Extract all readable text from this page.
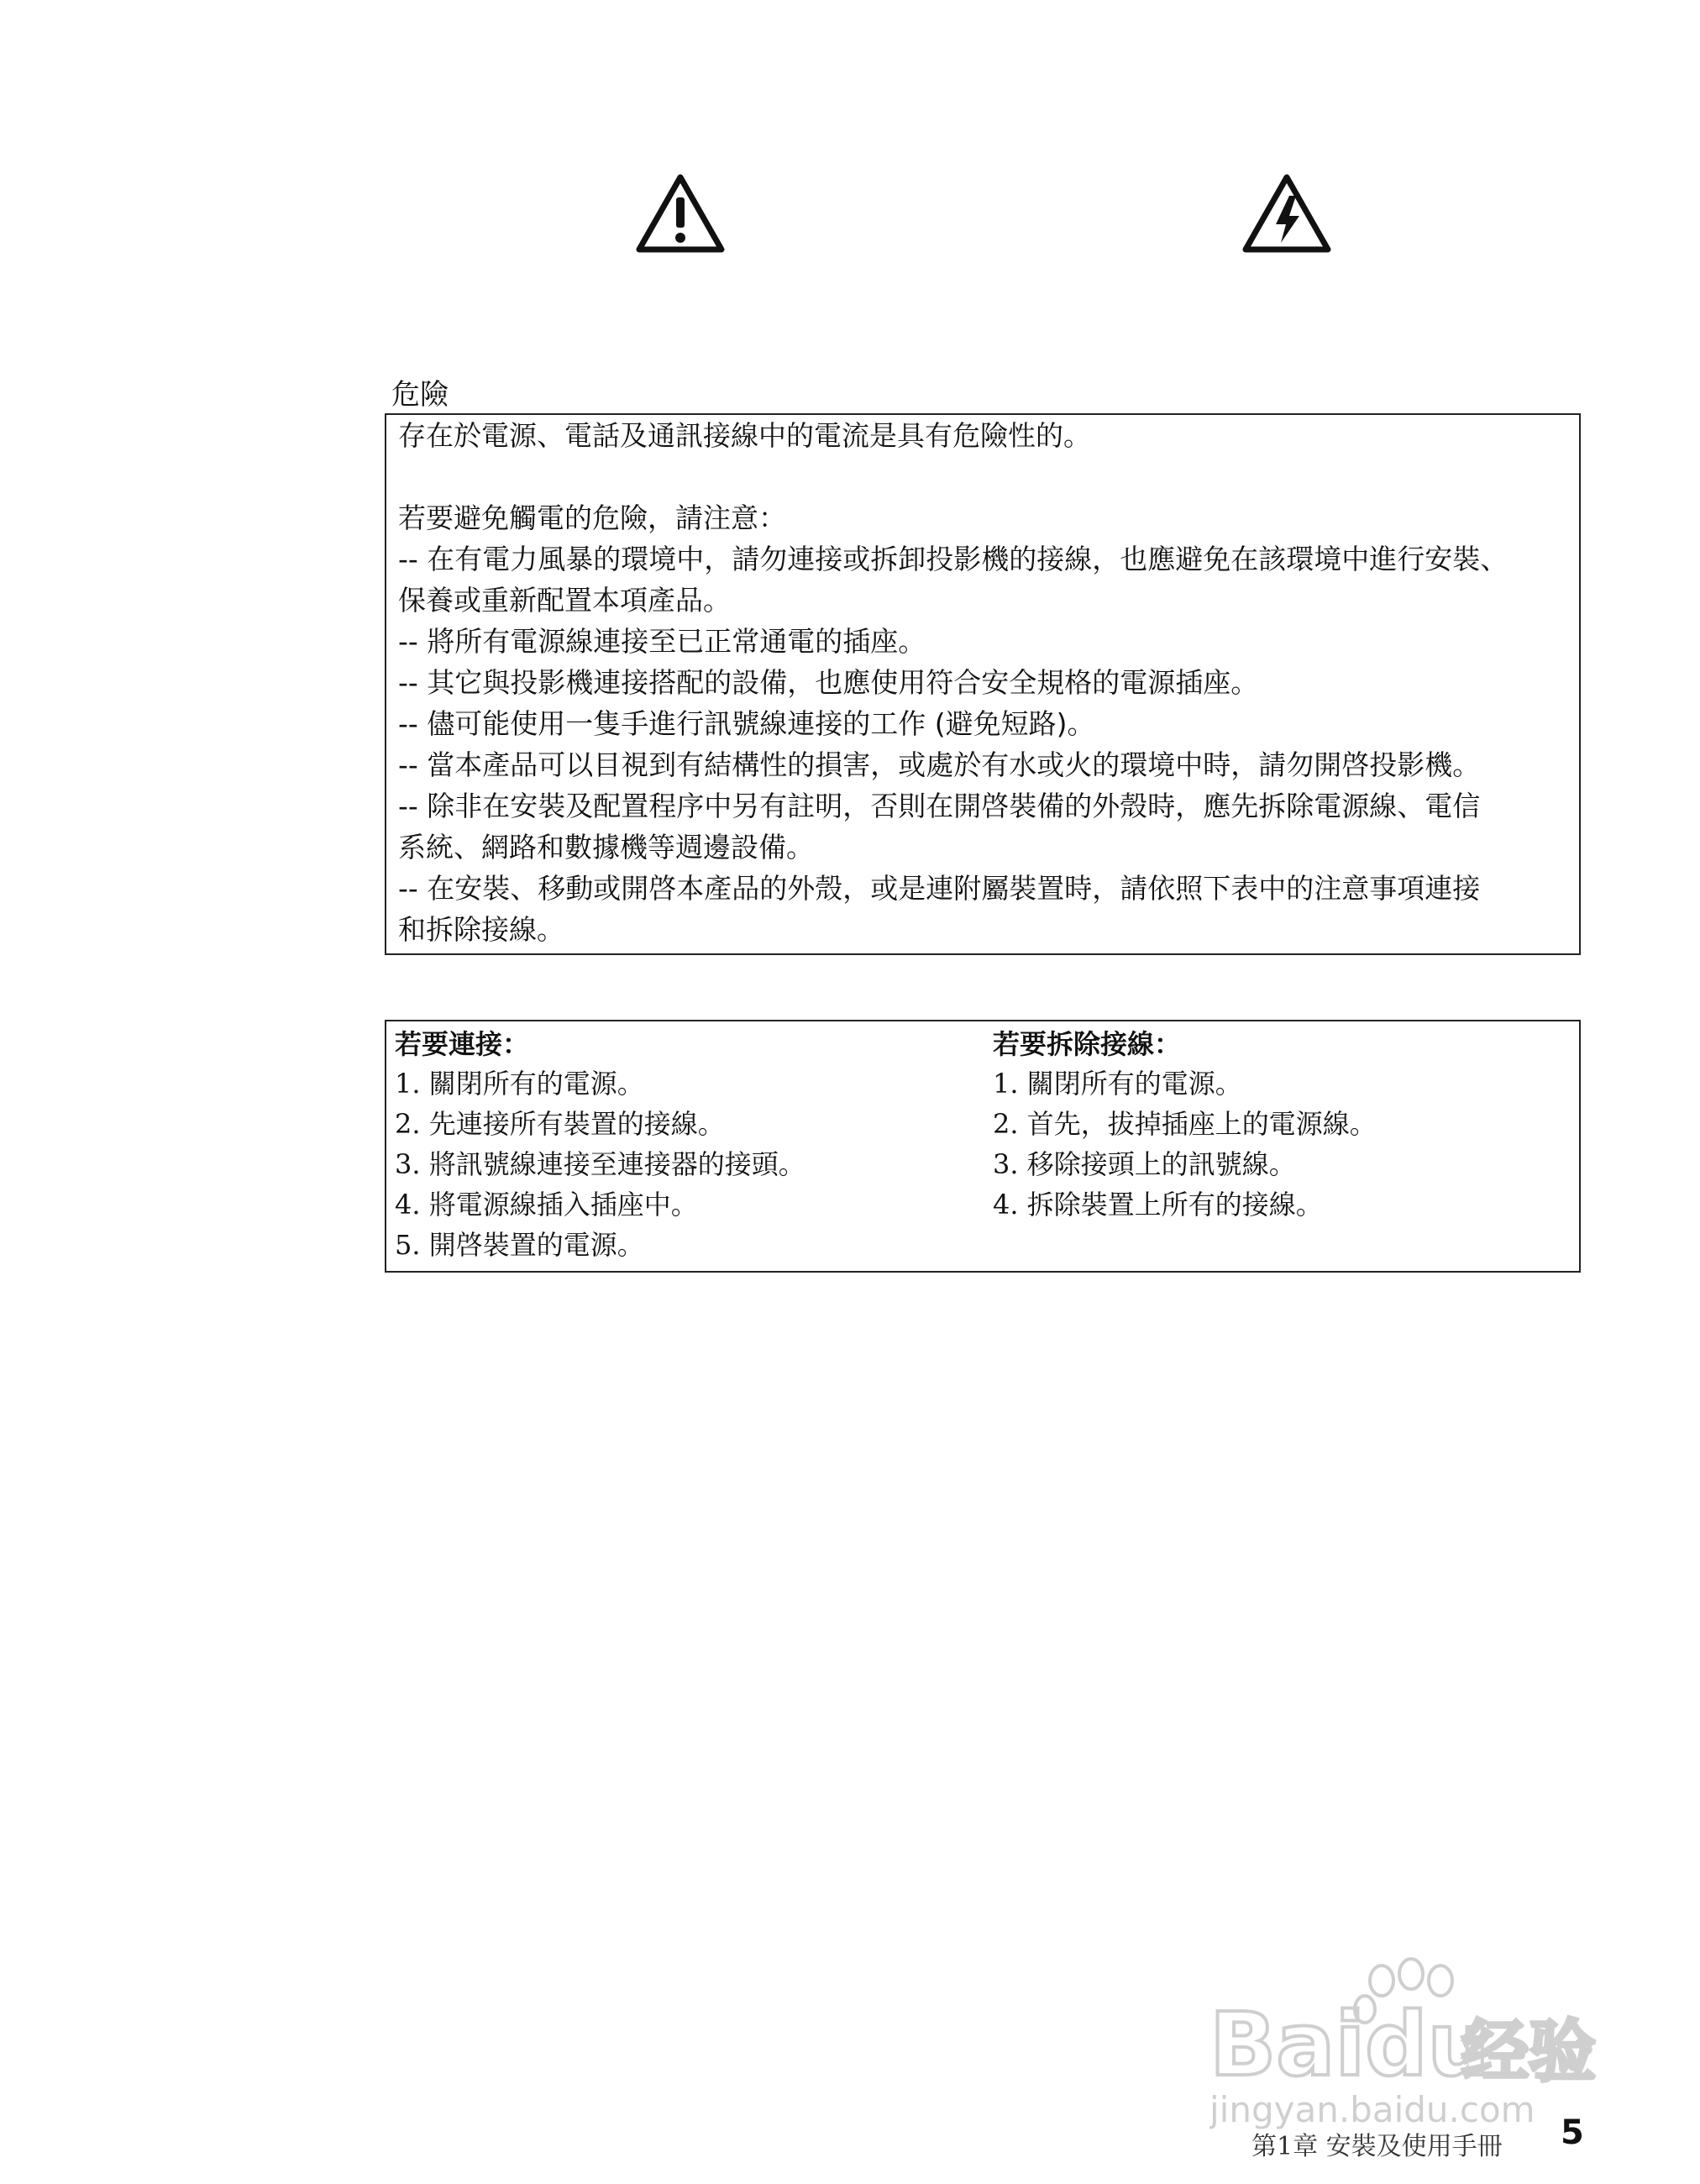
危險

存在於電源、電話及通訊接線中的電流是具有危險性的。

若要避免觸電的危險，請注意：

-- 在有電力風暴的環境中，請勿連接或拆卸投影機的接線，也應避免在該環境中進行安裝、

保養或重新配置本項產品。

-- 將所有電源線連接至已正常通電的插座。

-- 其它與投影機連接搭配的設備，也應使用符合安全規格的電源插座。

-- 儘可能使用一隻手進行訊號線連接的工作 (避免短路)。

-- 當本產品可以目視到有結構性的損害，或處於有水或火的環境中時，請勿開啓投影機。

-- 除非在安裝及配置程序中另有註明，否則在開啓裝備的外殼時，應先拆除電源線、電信

系統、網路和數據機等週邊設備。

-- 在安裝、移動或開啓本產品的外殼，或是連附屬裝置時，請依照下表中的注意事項連接

和拆除接線。

若要連接：
1. 關閉所有的電源。
2. 先連接所有裝置的接線。
3. 將訊號線連接至連接器的接頭。
4. 將電源線插入插座中。
5. 開啓裝置的電源。
若要拆除接線：
1. 關閉所有的電源。
2. 首先，拔掉插座上的電源線。
3. 移除接頭上的訊號線。
4. 拆除裝置上所有的接線。
Baidu
经验
jingyan.baidu.com
第1章 安裝及使用手冊 5
